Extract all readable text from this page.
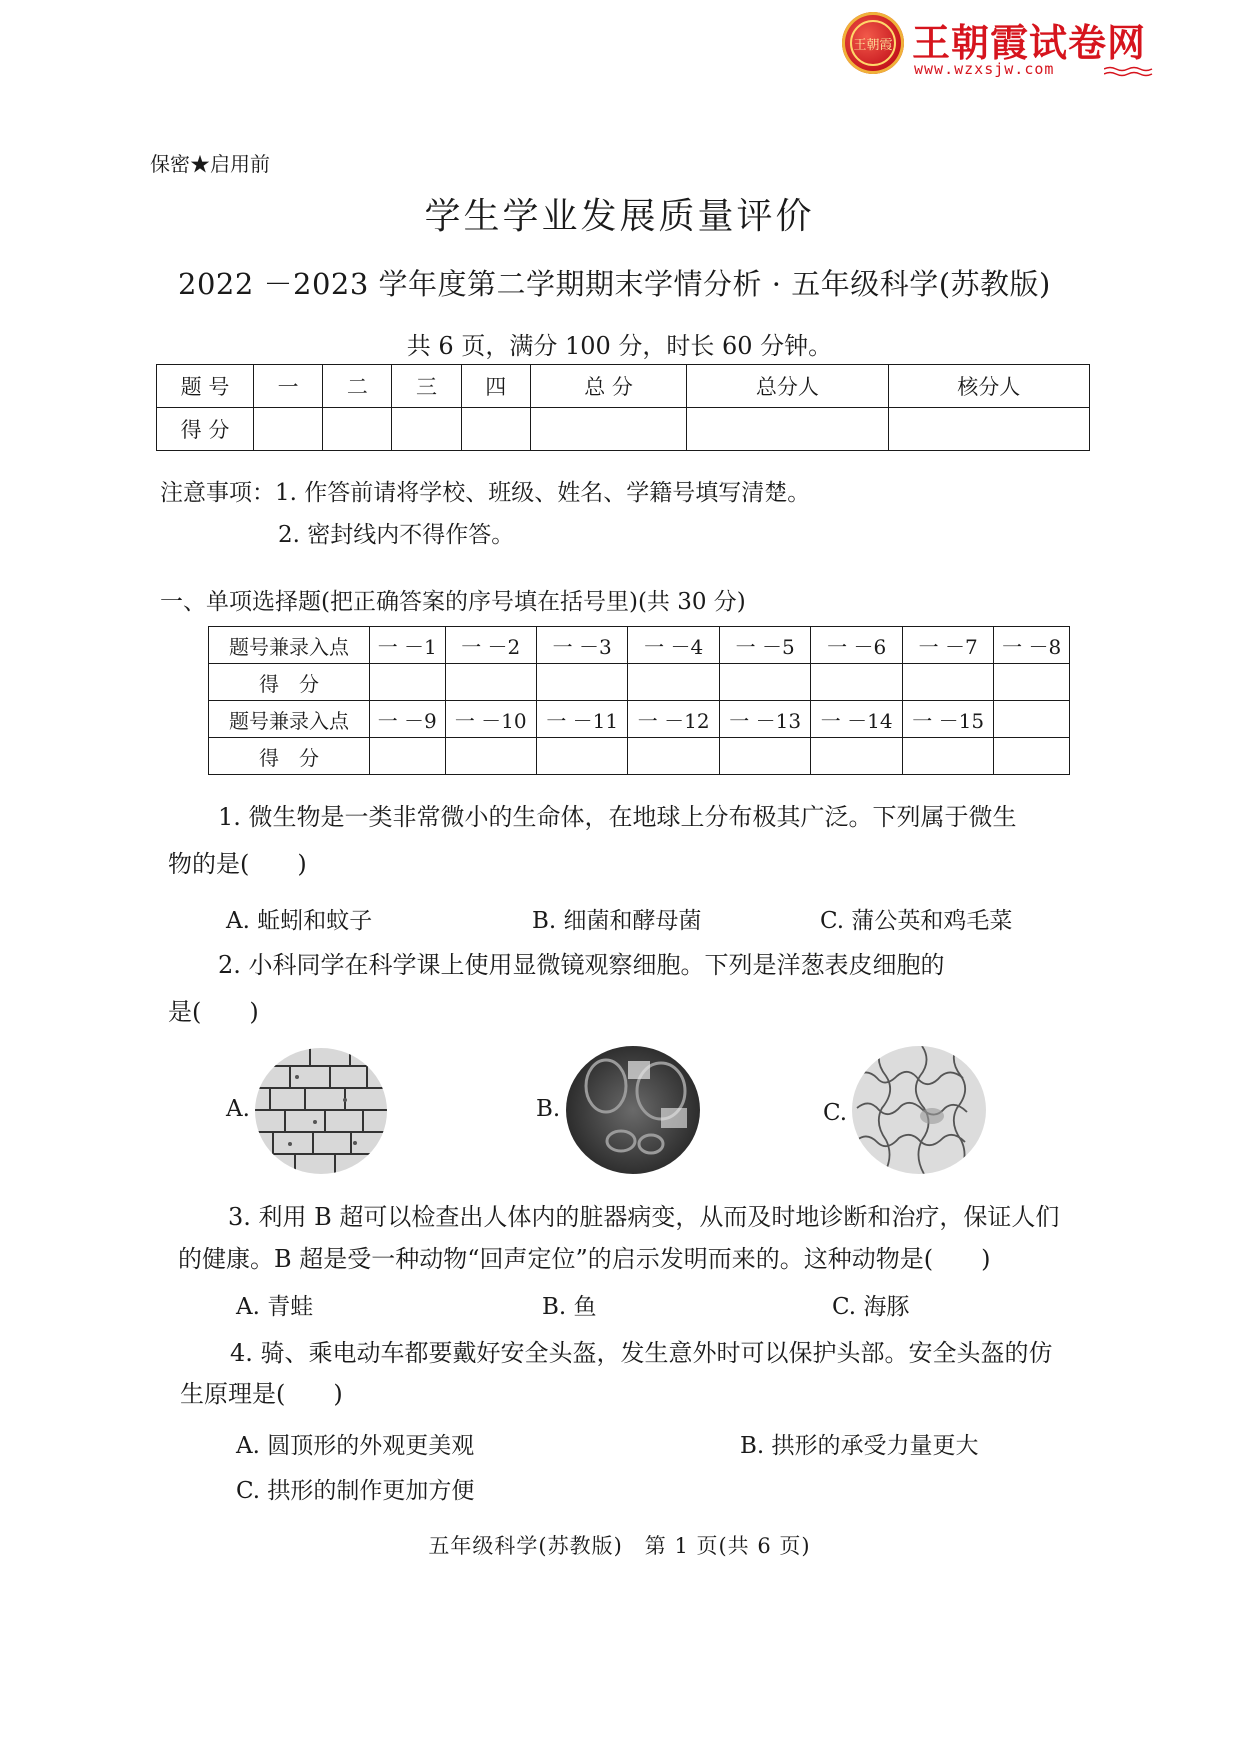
王朝霞 王朝霞试卷网
www.wzxsjw.com
保密★启用前
学生学业发展质量评价
2022 －2023 学年度第二学期期末学情分析 · 五年级科学(苏教版)
共 6 页，满分 100 分，时长 60 分钟。
题 号	一	二	三	四	总 分	总分人	核分人
得 分							
注意事项：1. 作答前请将学校、班级、姓名、学籍号填写清楚。
2. 密封线内不得作答。
一、单项选择题(把正确答案的序号填在括号里)(共 30 分)
题号兼录入点	一 －1	一 －2	一 －3	一 －4	一 －5	一 －6	一 －7	一 －8
得　分								
题号兼录入点	一 －9	一 －10	一 －11	一 －12	一 －13	一 －14	一 －15	
得　分								
1. 微生物是一类非常微小的生命体，在地球上分布极其广泛。下列属于微生
物的是(　　)
A. 蚯蚓和蚊子	B. 细菌和酵母菌	C. 蒲公英和鸡毛菜
2. 小科同学在科学课上使用显微镜观察细胞。下列是洋葱表皮细胞的
是(　　)
A.	B.	C.
3. 利用 B 超可以检查出人体内的脏器病变，从而及时地诊断和治疗，保证人们
的健康。B 超是受一种动物“回声定位”的启示发明而来的。这种动物是(　　)
A. 青蛙	B. 鱼	C. 海豚
4. 骑、乘电动车都要戴好安全头盔，发生意外时可以保护头部。安全头盔的仿
生原理是(　　)
A. 圆顶形的外观更美观	B. 拱形的承受力量更大
C. 拱形的制作更加方便
五年级科学(苏教版)　第 1 页(共 6 页)
